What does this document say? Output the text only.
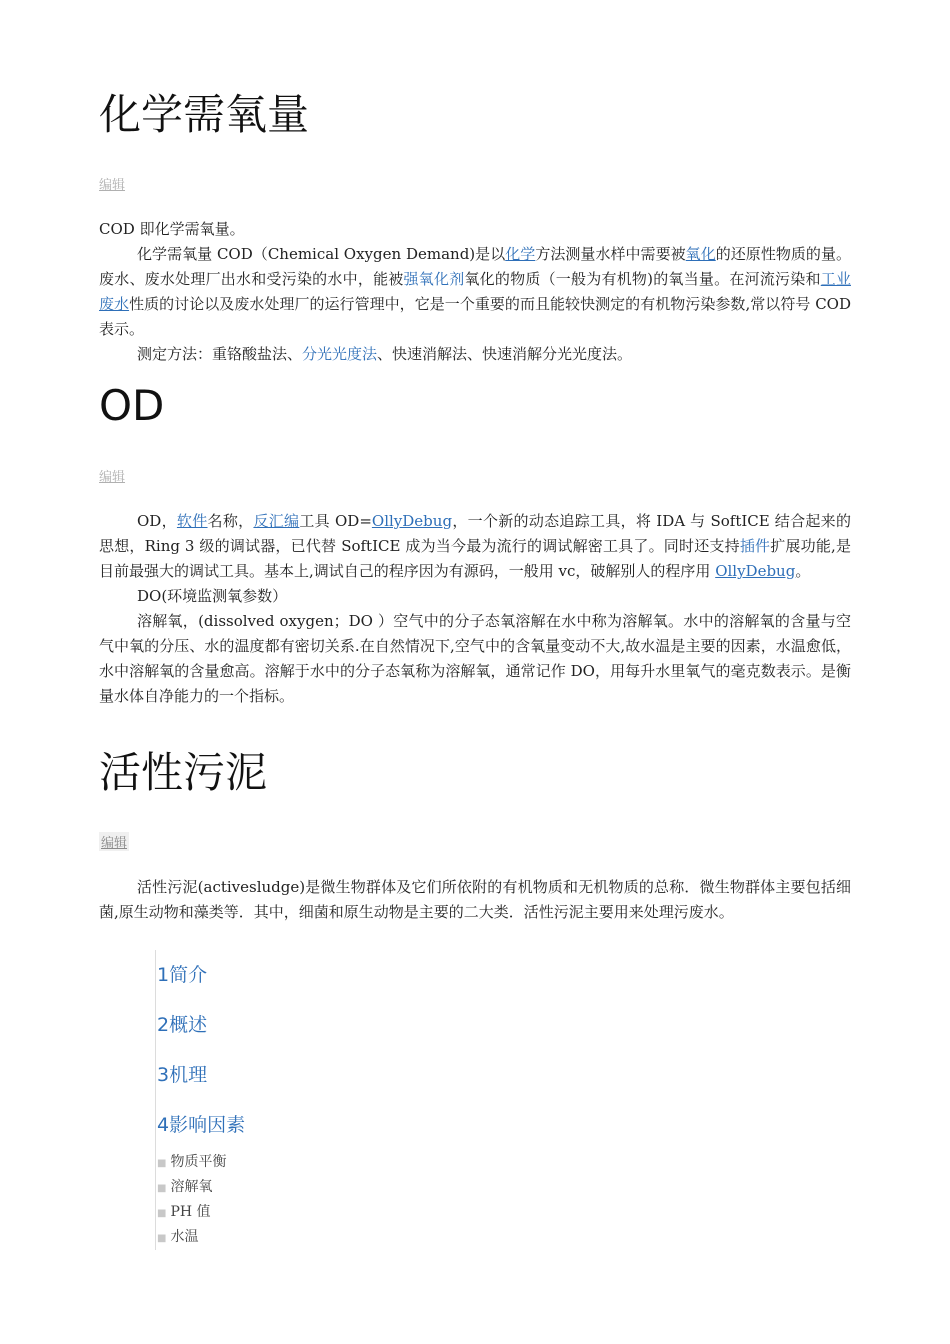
化学需氧量
编辑

COD 即化学需氧量。

化学需氧量 COD（Chemical Oxygen Demand)是以化学方法测量水样中需要被氧化的还原性物质的量。废水、废水处理厂出水和受污染的水中，能被强氧化剂氧化的物质（一般为有机物)的氧当量。在河流污染和工业废水性质的讨论以及废水处理厂的运行管理中，它是一个重要的而且能较快测定的有机物污染参数,常以符号 COD 表示。

测定方法：重铬酸盐法、分光光度法、快速消解法、快速消解分光光度法。

OD
编辑

OD，软件名称，反汇编工具 OD=OllyDebug，一个新的动态追踪工具，将 IDA 与 SoftICE 结合起来的思想，Ring 3 级的调试器，已代替 SoftICE 成为当今最为流行的调试解密工具了。同时还支持插件扩展功能,是目前最强大的调试工具。基本上,调试自己的程序因为有源码，一般用 vc，破解别人的程序用 OllyDebug。

DO(环境监测氧参数）

溶解氧，(dissolved oxygen；DO ）空气中的分子态氧溶解在水中称为溶解氧。水中的溶解氧的含量与空气中氧的分压、水的温度都有密切关系.在自然情况下,空气中的含氧量变动不大,故水温是主要的因素，水温愈低，水中溶解氧的含量愈高。溶解于水中的分子态氧称为溶解氧，通常记作 DO，用每升水里氧气的毫克数表示。是衡量水体自净能力的一个指标。

活性污泥
编辑

活性污泥(activesludge)是微生物群体及它们所依附的有机物质和无机物质的总称．微生物群体主要包括细菌,原生动物和藻类等．其中，细菌和原生动物是主要的二大类．活性污泥主要用来处理污废水。

1简介
2概述
3机理
4影响因素
■ 物质平衡
■ 溶解氧
■ PH 值
■ 水温
